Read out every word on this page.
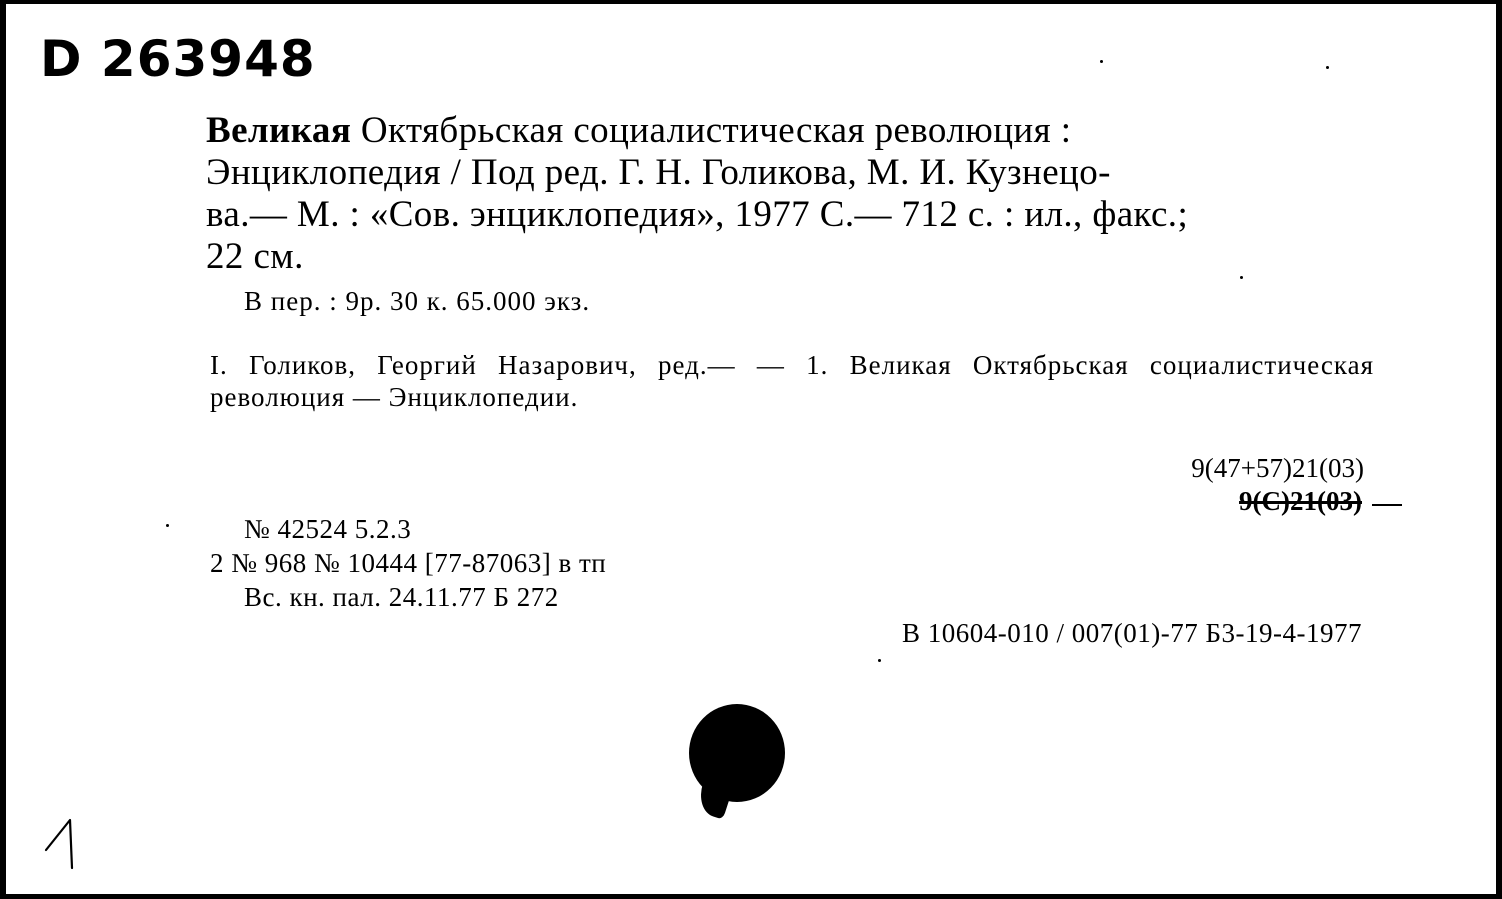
D 263948
Великая Октябрьская социалистическая революция :
Энциклопедия / Под ред. Г. Н. Голикова, М. И. Кузнецо-
ва.— М. : «Сов. энциклопедия», 1977 С.— 712 с. : ил., факс.;
22 см.
В пер. : 9р. 30 к. 65.000 экз.
I. Голиков, Георгий Назарович, ред.— — 1. Великая Октябрьская социалистическая революция — Энциклопедии.
9(47+57)21(03)
9(С)21(03)
№ 42524 5.2.3
2 № 968 № 10444 [77-87063] в тп
Вс. кн. пал. 24.11.77 Б 272
В 10604-010 / 007(01)-77 Б3-19-4-1977
